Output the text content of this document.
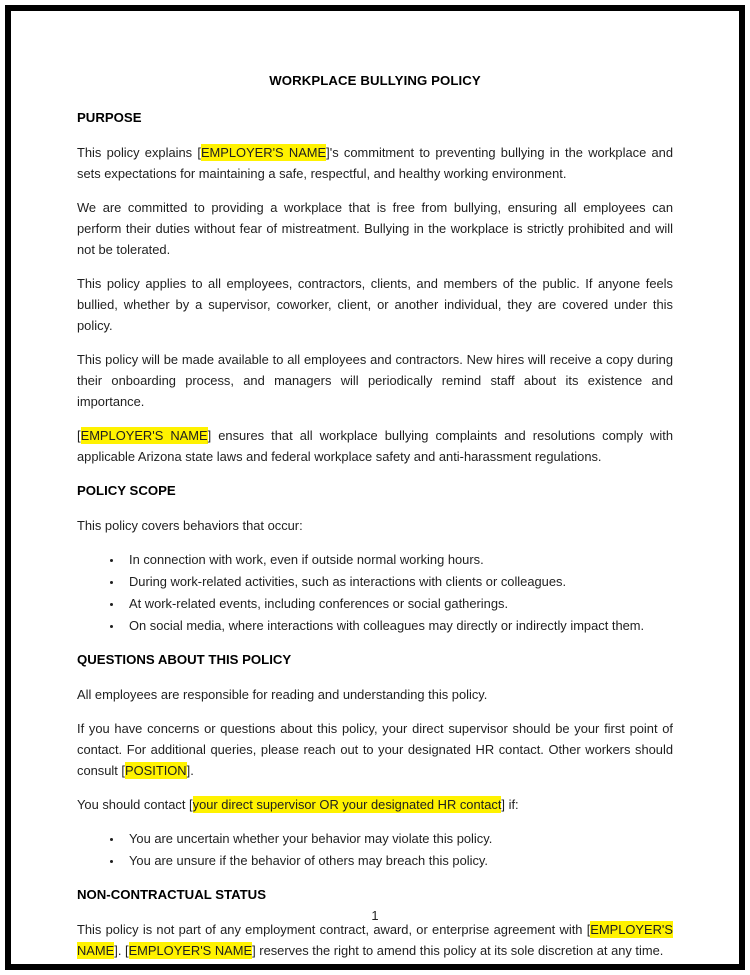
WORKPLACE BULLYING POLICY
PURPOSE
This policy explains [EMPLOYER'S NAME]'s commitment to preventing bullying in the workplace and sets expectations for maintaining a safe, respectful, and healthy working environment.
We are committed to providing a workplace that is free from bullying, ensuring all employees can perform their duties without fear of mistreatment. Bullying in the workplace is strictly prohibited and will not be tolerated.
This policy applies to all employees, contractors, clients, and members of the public. If anyone feels bullied, whether by a supervisor, coworker, client, or another individual, they are covered under this policy.
This policy will be made available to all employees and contractors. New hires will receive a copy during their onboarding process, and managers will periodically remind staff about its existence and importance.
[EMPLOYER'S NAME] ensures that all workplace bullying complaints and resolutions comply with applicable Arizona state laws and federal workplace safety and anti-harassment regulations.
POLICY SCOPE
This policy covers behaviors that occur:
• In connection with work, even if outside normal working hours.
• During work-related activities, such as interactions with clients or colleagues.
• At work-related events, including conferences or social gatherings.
• On social media, where interactions with colleagues may directly or indirectly impact them.
QUESTIONS ABOUT THIS POLICY
All employees are responsible for reading and understanding this policy.
If you have concerns or questions about this policy, your direct supervisor should be your first point of contact. For additional queries, please reach out to your designated HR contact. Other workers should consult [POSITION].
You should contact [your direct supervisor OR your designated HR contact] if:
• You are uncertain whether your behavior may violate this policy.
• You are unsure if the behavior of others may breach this policy.
NON-CONTRACTUAL STATUS
This policy is not part of any employment contract, award, or enterprise agreement with [EMPLOYER'S NAME]. [EMPLOYER'S NAME] reserves the right to amend this policy at its sole discretion at any time.
1
